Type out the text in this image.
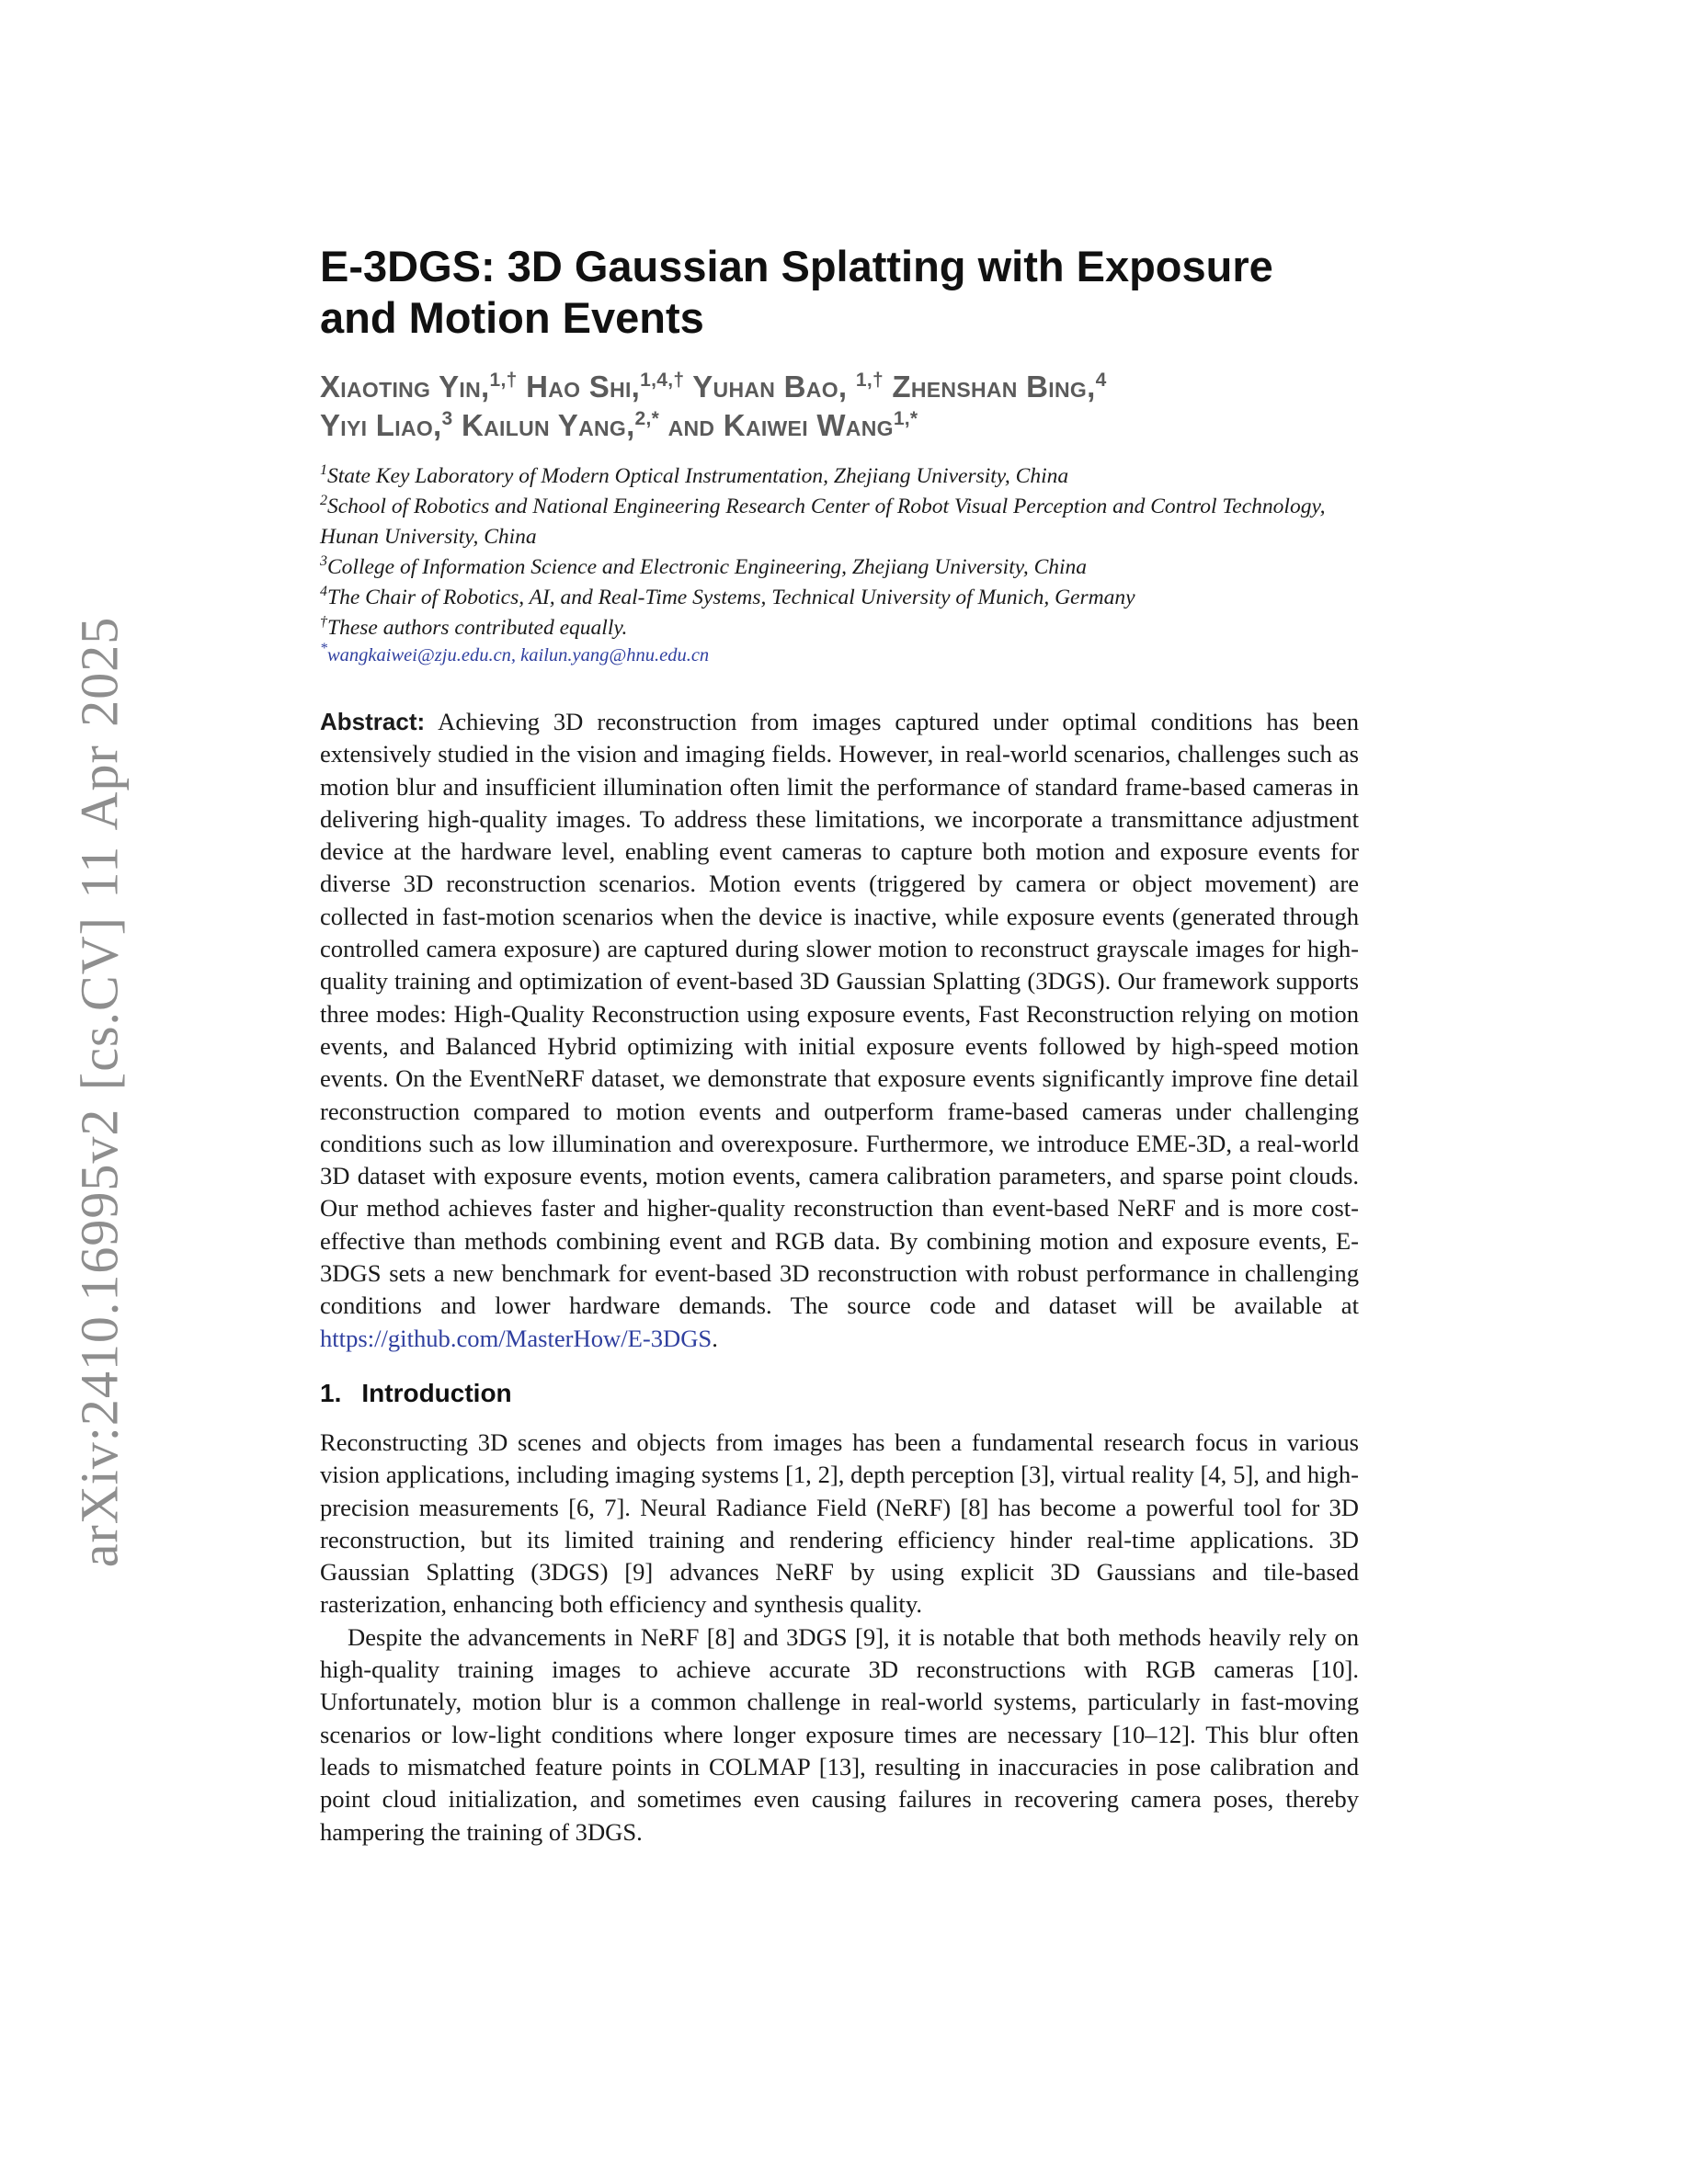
arXiv:2410.16995v2 [cs.CV] 11 Apr 2025
E-3DGS: 3D Gaussian Splatting with Exposure and Motion Events
Xiaoting Yin,$^{1,\dagger}$ Hao Shi,$^{1,4,\dagger}$ Yuhan Bao, $^{1,\dagger}$ Zhenshan Bing,$^4$
Yiyi Liao,$^3$ Kailun Yang,$^{2,*}$ and Kaiwei Wang$^{1,*}$

$^1$State Key Laboratory of Modern Optical Instrumentation, Zhejiang University, China

$^2$School of Robotics and National Engineering Research Center of Robot Visual Perception and Control Technology, Hunan University, China

$^3$College of Information Science and Electronic Engineering, Zhejiang University, China

$^4$The Chair of Robotics, AI, and Real-Time Systems, Technical University of Munich, Germany

†These authors contributed equally.

*wangkaiwei@zju.edu.cn, kailun.yang@hnu.edu.cn

Abstract: Achieving 3D reconstruction from images captured under optimal conditions has been extensively studied in the vision and imaging fields. However, in real-world scenarios, challenges such as motion blur and insufficient illumination often limit the performance of standard frame-based cameras in delivering high-quality images. To address these limitations, we incorporate a transmittance adjustment device at the hardware level, enabling event cameras to capture both motion and exposure events for diverse 3D reconstruction scenarios. Motion events (triggered by camera or object movement) are collected in fast-motion scenarios when the device is inactive, while exposure events (generated through controlled camera exposure) are captured during slower motion to reconstruct grayscale images for high-quality training and optimization of event-based 3D Gaussian Splatting (3DGS). Our framework supports three modes: High-Quality Reconstruction using exposure events, Fast Reconstruction relying on motion events, and Balanced Hybrid optimizing with initial exposure events followed by high-speed motion events. On the EventNeRF dataset, we demonstrate that exposure events significantly improve fine detail reconstruction compared to motion events and outperform frame-based cameras under challenging conditions such as low illumination and overexposure. Furthermore, we introduce EME-3D, a real-world 3D dataset with exposure events, motion events, camera calibration parameters, and sparse point clouds. Our method achieves faster and higher-quality reconstruction than event-based NeRF and is more cost-effective than methods combining event and RGB data. By combining motion and exposure events, E-3DGS sets a new benchmark for event-based 3D reconstruction with robust performance in challenging conditions and lower hardware demands. The source code and dataset will be available at https://github.com/MasterHow/E-3DGS.
1. Introduction

Reconstructing 3D scenes and objects from images has been a fundamental research focus in various vision applications, including imaging systems [1, 2], depth perception [3], virtual reality [4, 5], and high-precision measurements [6, 7]. Neural Radiance Field (NeRF) [8] has become a powerful tool for 3D reconstruction, but its limited training and rendering efficiency hinder real-time applications. 3D Gaussian Splatting (3DGS) [9] advances NeRF by using explicit 3D Gaussians and tile-based rasterization, enhancing both efficiency and synthesis quality.

Despite the advancements in NeRF [8] and 3DGS [9], it is notable that both methods heavily rely on high-quality training images to achieve accurate 3D reconstructions with RGB cameras [10]. Unfortunately, motion blur is a common challenge in real-world systems, particularly in fast-moving scenarios or low-light conditions where longer exposure times are necessary [10–12]. This blur often leads to mismatched feature points in COLMAP [13], resulting in inaccuracies in pose calibration and point cloud initialization, and sometimes even causing failures in recovering camera poses, thereby hampering the training of 3DGS.
